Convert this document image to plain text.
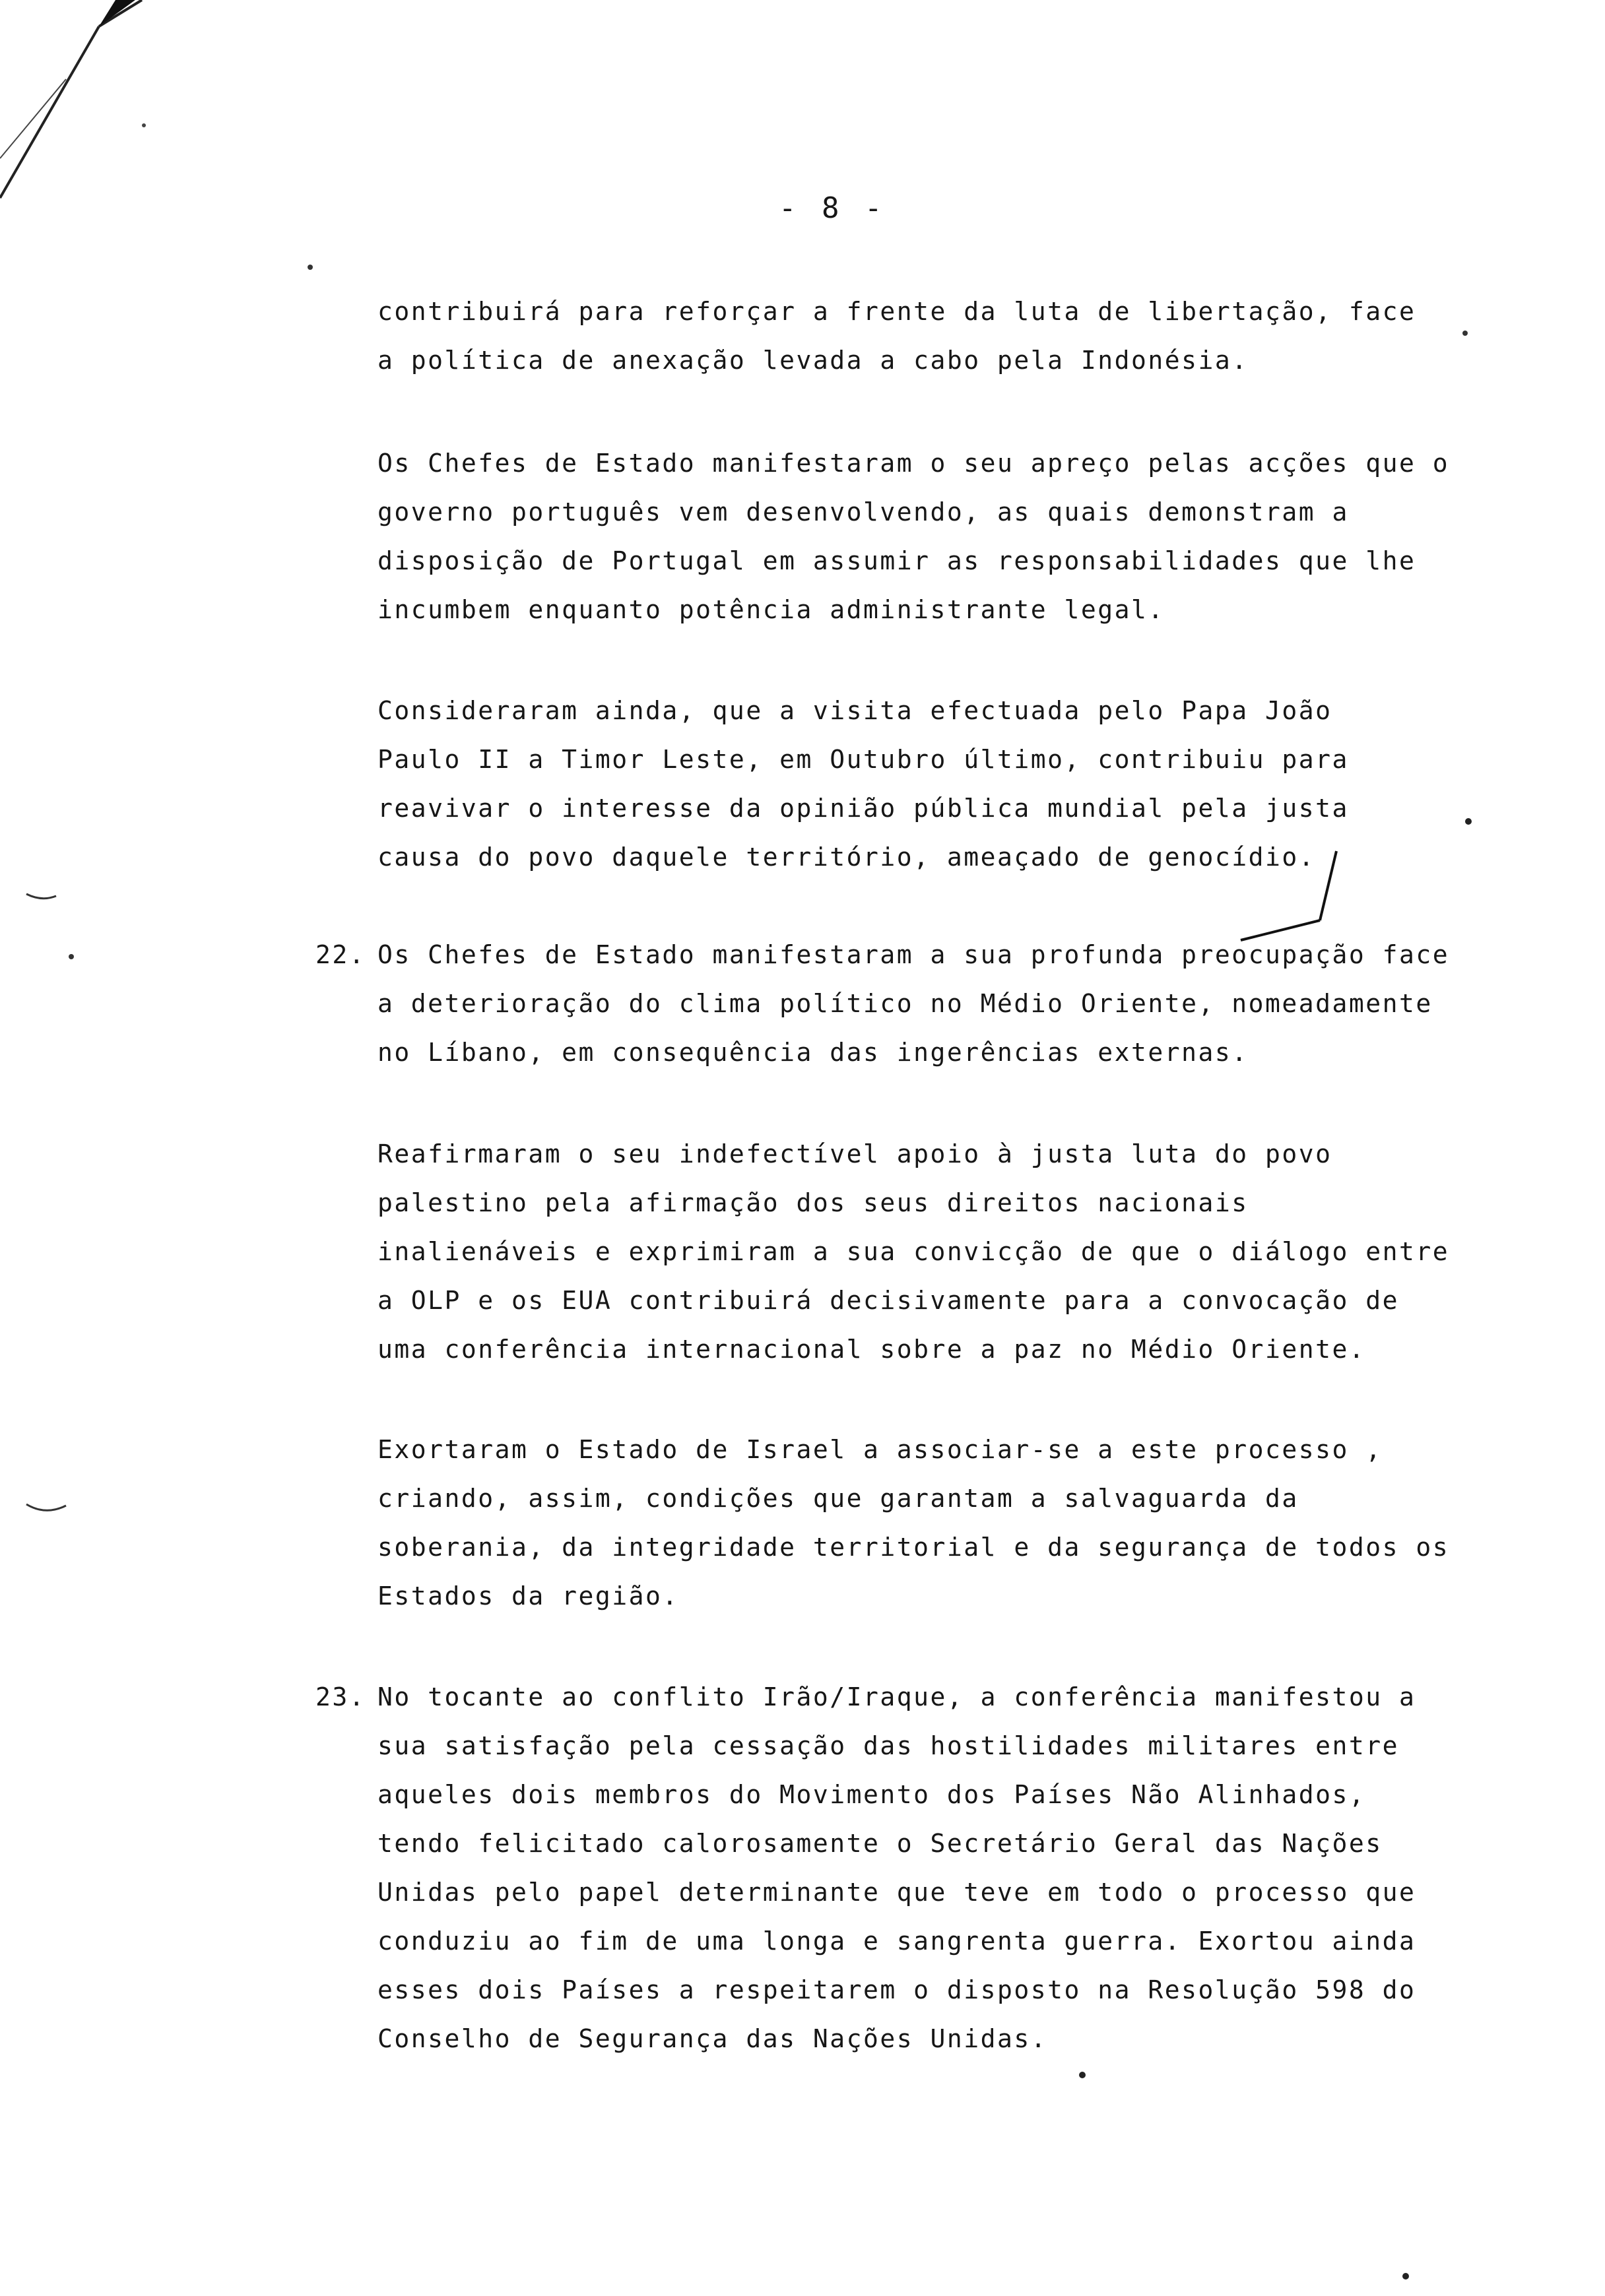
- 8 -
contribuirá para reforçar a frente da luta de libertação, face
a política de anexação levada a cabo pela Indonésia.
Os Chefes de Estado manifestaram o seu apreço pelas acções que o
governo português vem desenvolvendo, as quais demonstram a
disposição de Portugal em assumir as responsabilidades que lhe
incumbem enquanto potência administrante legal.
Consideraram ainda, que a visita efectuada pelo Papa João
Paulo II a Timor Leste, em Outubro último, contribuiu para
reavivar o interesse da opinião pública mundial pela justa
causa do povo daquele território, ameaçado de genocídio.
22. Os Chefes de Estado manifestaram a sua profunda preocupação face
a deterioração do clima político no Médio Oriente, nomeadamente
no Líbano, em consequência das ingerências externas.
Reafirmaram o seu indefectível apoio à justa luta do povo
palestino pela afirmação dos seus direitos nacionais
inalienáveis e exprimiram a sua convicção de que o diálogo entre
a OLP e os EUA contribuirá decisivamente para a convocação de
uma conferência internacional sobre a paz no Médio Oriente.
Exortaram o Estado de Israel a associar-se a este processo ,
criando, assim, condições que garantam a salvaguarda da
soberania, da integridade territorial e da segurança de todos os
Estados da região.
23. No tocante ao conflito Irão/Iraque, a conferência manifestou a
sua satisfação pela cessação das hostilidades militares entre
aqueles dois membros do Movimento dos Países Não Alinhados,
tendo felicitado calorosamente o Secretário Geral das Nações
Unidas pelo papel determinante que teve em todo o processo que
conduziu ao fim de uma longa e sangrenta guerra. Exortou ainda
esses dois Países a respeitarem o disposto na Resolução 598 do
Conselho de Segurança das Nações Unidas.
